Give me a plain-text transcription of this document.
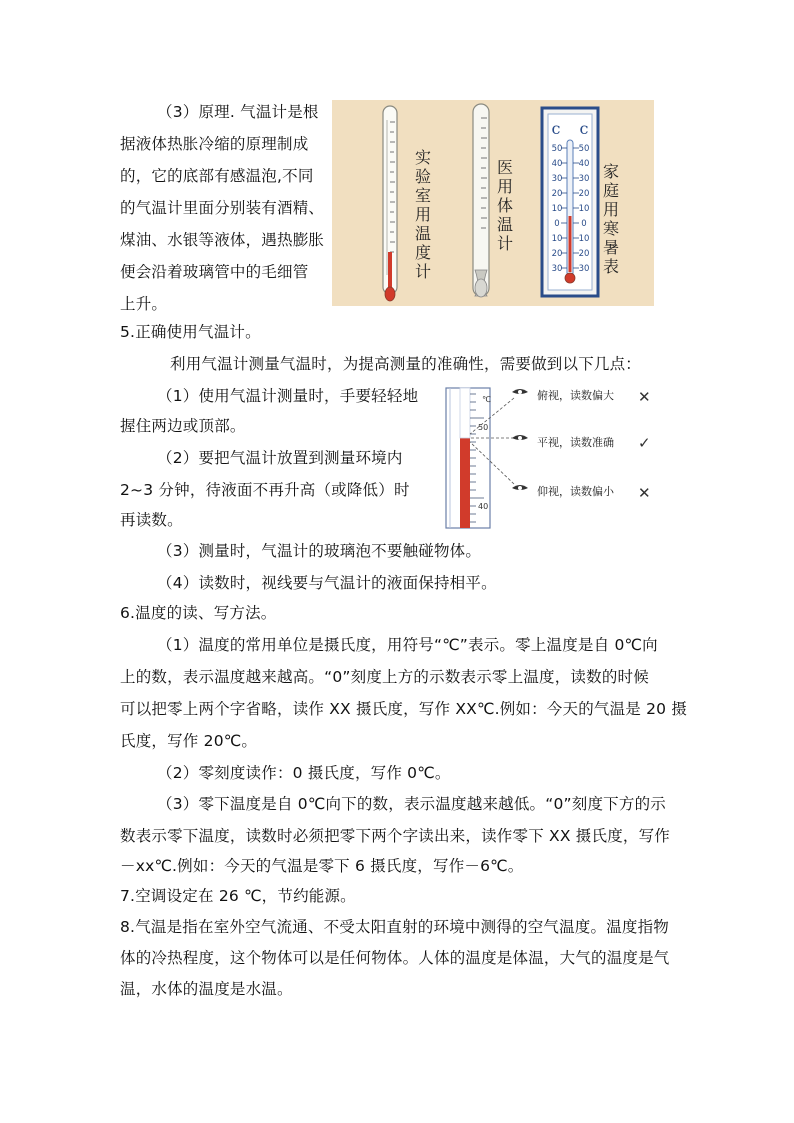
（3）原理. 气温计是根
据液体热胀冷缩的原理制成
的，它的底部有感温泡,不同
的气温计里面分别装有酒精、
煤油、水银等液体，遇热膨胀
便会沿着玻璃管中的毛细管
上升。
c c
50
40
30
20
10
0
10
20
30
50
40
30
20
10
0
10
20
30
实验室用温度计
医用体温计
家庭用寒暑表
5.正确使用气温计。
利用气温计测量气温时，为提高测量的准确性，需要做到以下几点：
（1）使用气温计测量时，手要轻轻地
握住两边或顶部。
（2）要把气温计放置到测量环境内
2~3 分钟，待液面不再升高（或降低）时
再读数。
（3）测量时，气温计的玻璃泡不要触碰物体。
（4）读数时，视线要与气温计的液面保持相平。
℃
50
40
俯视，读数偏大
平视，读数准确
仰视，读数偏小
✕
✓
✕
6.温度的读、写方法。
（1）温度的常用单位是摄氏度，用符号“℃”表示。零上温度是自 0℃向
上的数，表示温度越来越高。“0”刻度上方的示数表示零上温度，读数的时候
可以把零上两个字省略，读作 XX 摄氏度，写作 XX℃.例如：今天的气温是 20 摄
氏度，写作 20℃。
（2）零刻度读作：0 摄氏度，写作 0℃。
（3）零下温度是自 0℃向下的数，表示温度越来越低。“0”刻度下方的示
数表示零下温度，读数时必须把零下两个字读出来，读作零下 XX 摄氏度，写作
－xx℃.例如：今天的气温是零下 6 摄氏度，写作－6℃。
7.空调设定在 26 ℃，节约能源。
8.气温是指在室外空气流通、不受太阳直射的环境中测得的空气温度。温度指物
体的冷热程度，这个物体可以是任何物体。人体的温度是体温，大气的温度是气
温，水体的温度是水温。
